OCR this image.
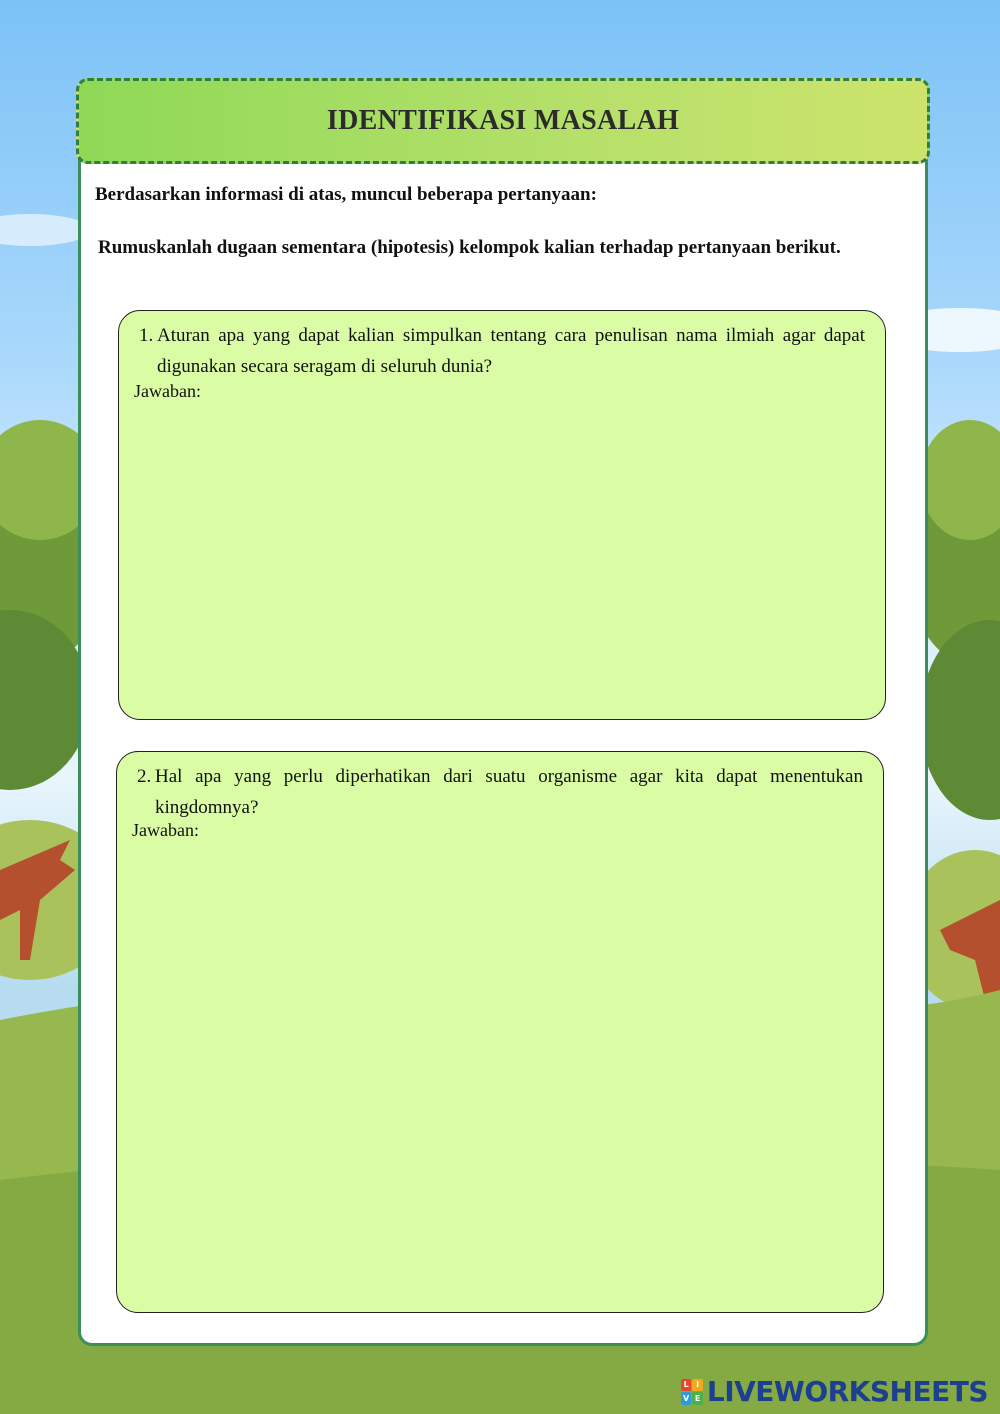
IDENTIFIKASI MASALAH
Berdasarkan informasi di atas, muncul beberapa pertanyaan:
Rumuskanlah dugaan sementara (hipotesis) kelompok kalian terhadap pertanyaan berikut.
1. Aturan apa yang dapat kalian simpulkan tentang cara penulisan nama ilmiah agar dapat digunakan secara seragam di seluruh dunia?
Jawaban:
2. Hal apa yang perlu diperhatikan dari suatu organisme agar kita dapat menentukan kingdomnya?
Jawaban:
L I
V E LIVEWORKSHEETS
